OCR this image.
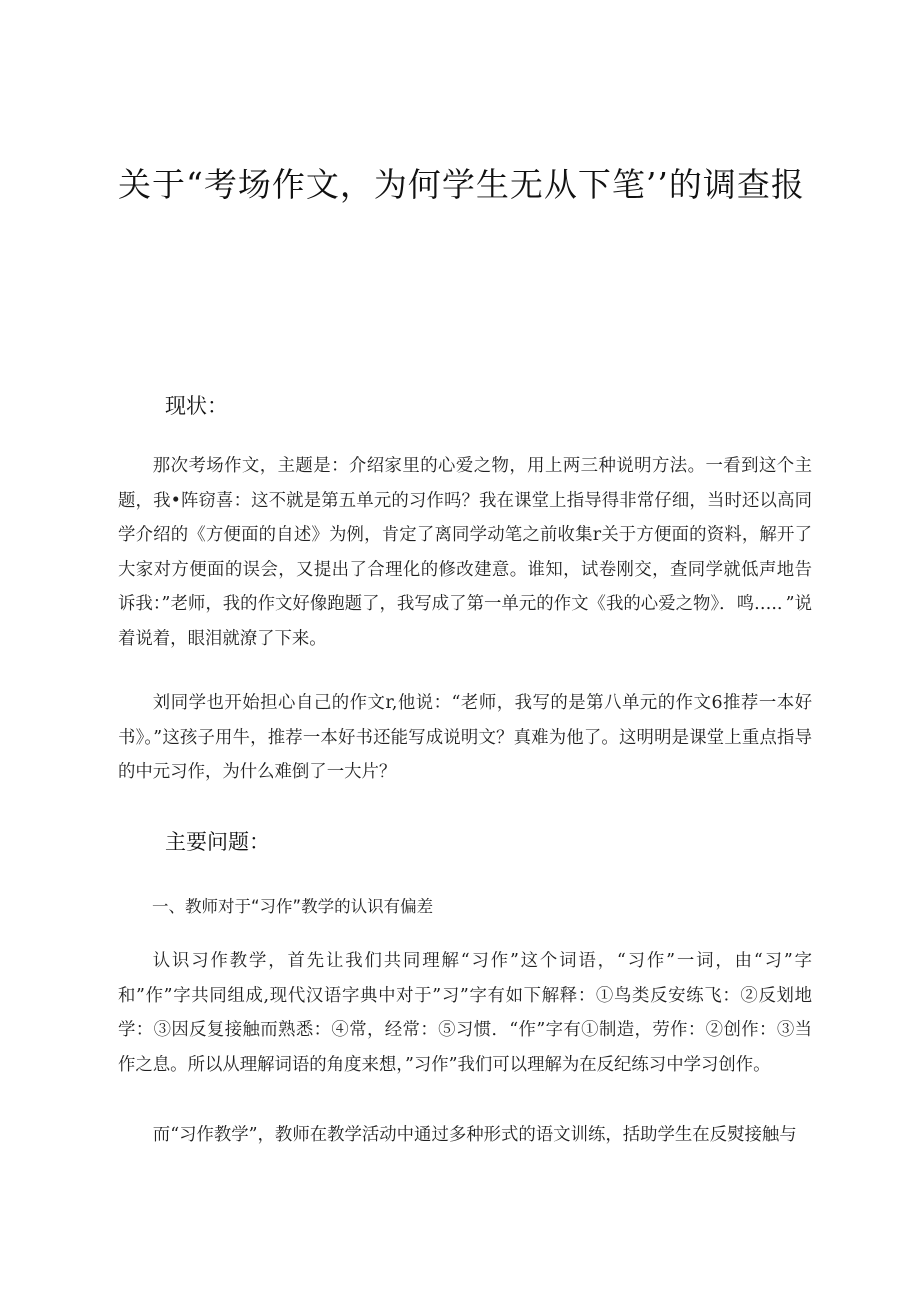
关于“考场作文，为何学生无从下笔’’的调查报
现状：

那次考场作文，主题是：介绍家里的心爱之物，用上两三种说明方法。一看到这个主题，我•阵窃喜：这不就是第五单元的习作吗？我在课堂上指导得非常仔细，当时还以高同学介绍的《方便面的自述》为例，肯定了离同学动笔之前收集r关于方便面的资料，解开了大家对方便面的误会，又提出了合理化的修改建意。谁知，试卷刚交，查同学就低声地告诉我：”老师，我的作文好像跑题了，我写成了第一单元的作文《我的心爱之物》．鸣….．”说着说着，眼泪就潦了下来。

刘同学也开始担心自己的作文r,他说：“老师，我写的是第八单元的作文6推荐一本好书》。”这孩子用牛，推荐一本好书还能写成说明文？真难为他了。这明明是课堂上重点指导的中元习作，为什么难倒了一大片？

主要问题：
一、教师对于“习作”教学的认识有偏差

认识习作教学，首先让我们共同理解“习作”这个词语，“习作”一词，由“习”字和”作”字共同组成,现代汉语字典中对于”习”字有如下解释：①鸟类反安练飞：②反划地学：③因反复接触而熟悉：④常，经常：⑤习惯．“作”字有①制造，劳作：②创作：③当作之息。所以从理解词语的角度来想，”习作”我们可以理解为在反纪练习中学习创作。

而“习作教学”，教师在教学活动中通过多种形式的语文训练，括助学生在反熨接触与
